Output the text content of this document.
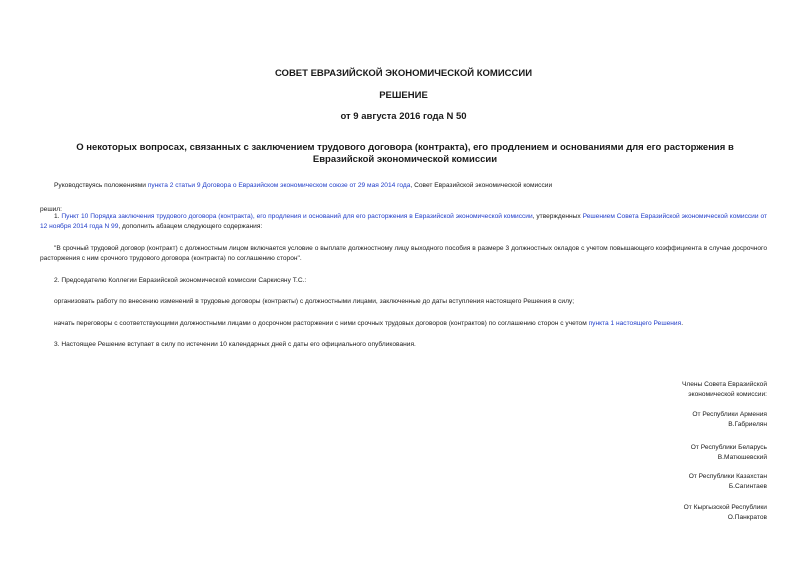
СОВЕТ ЕВРАЗИЙСКОЙ ЭКОНОМИЧЕСКОЙ КОМИССИИ
РЕШЕНИЕ
от 9 августа 2016 года N 50
О некоторых вопросах, связанных с заключением трудового договора (контракта), его продлением и основаниями для его расторжения в Евразийской экономической комиссии

Руководствуясь положениями пункта 2 статьи 9 Договора о Евразийском экономическом союзе от 29 мая 2014 года, Совет Евразийской экономической комиссии

решил:

1. Пункт 10 Порядка заключения трудового договора (контракта), его продления и оснований для его расторжения в Евразийской экономической комиссии, утвержденных Решением Совета Евразийской экономической комиссии от 12 ноября 2014 года N 99, дополнить абзацем следующего содержания:

"В срочный трудовой договор (контракт) с должностным лицом включается условие о выплате должностному лицу выходного пособия в размере 3 должностных окладов с учетом повышающего коэффициента в случае досрочного расторжения с ним срочного трудового договора (контракта) по соглашению сторон".

2. Председателю Коллегии Евразийской экономической комиссии Саркисяну Т.С.:

организовать работу по внесению изменений в трудовые договоры (контракты) с должностными лицами, заключенные до даты вступления настоящего Решения в силу;

начать переговоры с соответствующими должностными лицами о досрочном расторжении с ними срочных трудовых договоров (контрактов) по соглашению сторон с учетом пункта 1 настоящего Решения.

3. Настоящее Решение вступает в силу по истечении 10 календарных дней с даты его официального опубликования.

Члены Совета Евразийской
экономической комиссии:
От Республики Армения
В.Габриелян
От Республики Беларусь
В.Матюшевский
От Республики Казахстан
Б.Сагинтаев
От Кыргызской Республики
О.Панкратов
